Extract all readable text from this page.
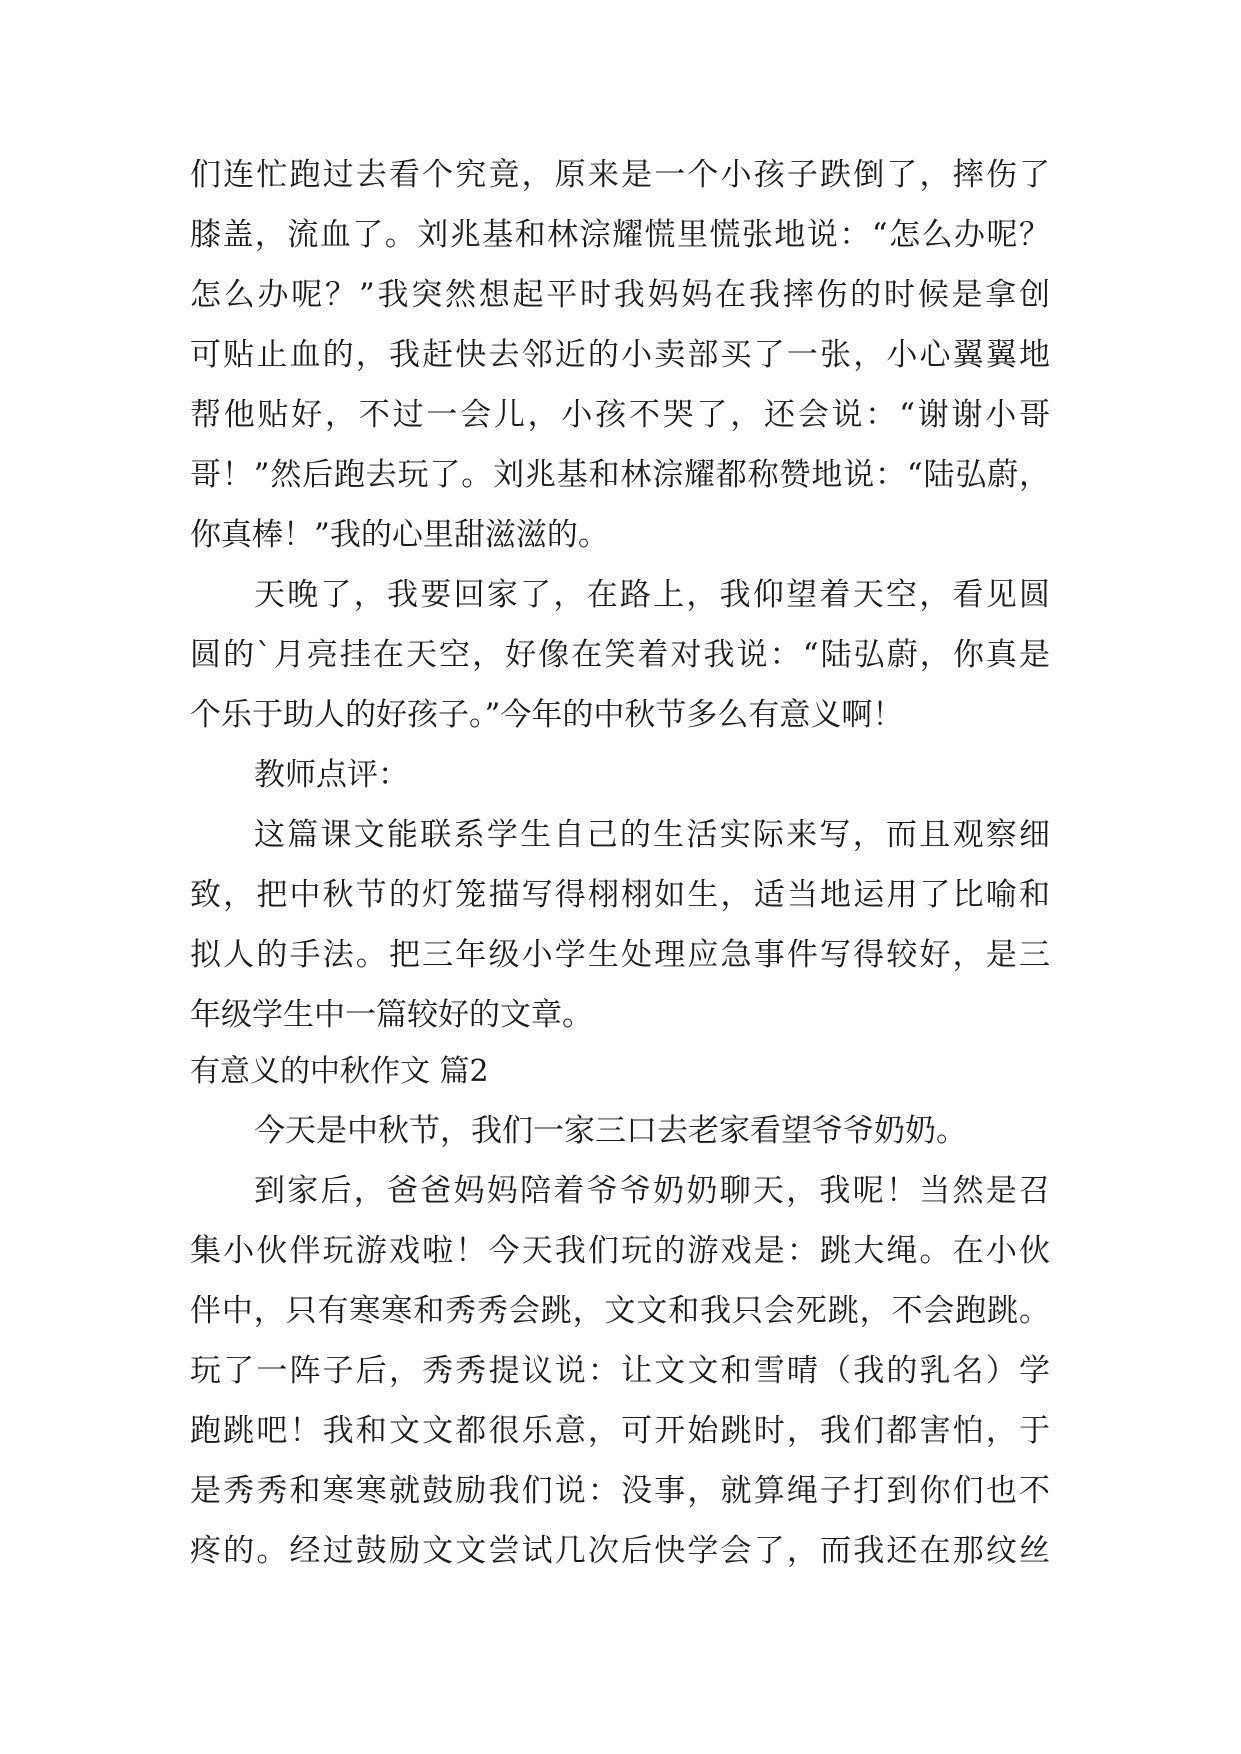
们连忙跑过去看个究竟，原来是一个小孩子跌倒了，摔伤了
膝盖，流血了。刘兆基和林淙耀慌里慌张地说：“怎么办呢？
怎么办呢？”我突然想起平时我妈妈在我摔伤的时候是拿创
可贴止血的，我赶快去邻近的小卖部买了一张，小心翼翼地
帮他贴好，不过一会儿，小孩不哭了，还会说：“谢谢小哥
哥！”然后跑去玩了。刘兆基和林淙耀都称赞地说：“陆弘蔚，
你真棒！”我的心里甜滋滋的。
天晚了，我要回家了，在路上，我仰望着天空，看见圆
圆的`月亮挂在天空，好像在笑着对我说：“陆弘蔚，你真是
个乐于助人的好孩子。”今年的中秋节多么有意义啊！
教师点评：
这篇课文能联系学生自己的生活实际来写，而且观察细
致，把中秋节的灯笼描写得栩栩如生，适当地运用了比喻和
拟人的手法。把三年级小学生处理应急事件写得较好，是三
年级学生中一篇较好的文章。
有意义的中秋作文 篇2
今天是中秋节，我们一家三口去老家看望爷爷奶奶。
到家后，爸爸妈妈陪着爷爷奶奶聊天，我呢！当然是召
集小伙伴玩游戏啦！今天我们玩的游戏是：跳大绳。在小伙
伴中，只有寒寒和秀秀会跳，文文和我只会死跳，不会跑跳。
玩了一阵子后，秀秀提议说：让文文和雪晴（我的乳名）学
跑跳吧！我和文文都很乐意，可开始跳时，我们都害怕，于
是秀秀和寒寒就鼓励我们说：没事，就算绳子打到你们也不
疼的。经过鼓励文文尝试几次后快学会了，而我还在那纹丝
